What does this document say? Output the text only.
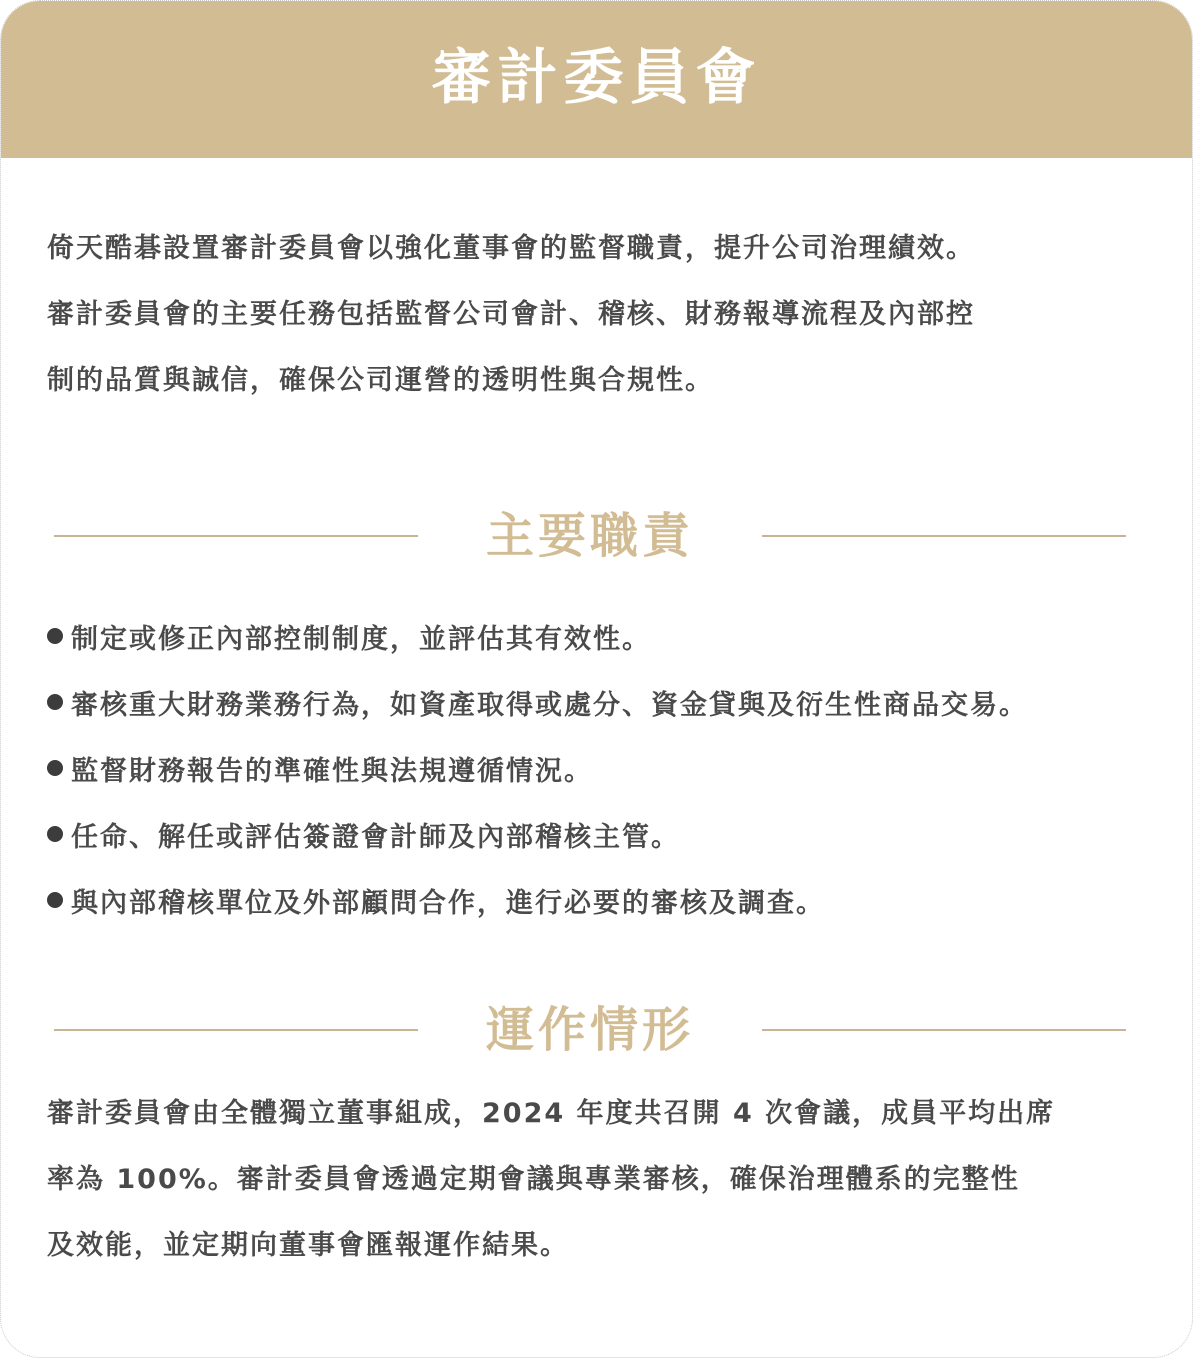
審計委員會
倚天酷碁設置審計委員會以強化董事會的監督職責，提升公司治理績效。
審計委員會的主要任務包括監督公司會計、稽核、財務報導流程及內部控
制的品質與誠信，確保公司運營的透明性與合規性。
主要職責
制定或修正內部控制制度，並評估其有效性。
審核重大財務業務行為，如資產取得或處分、資金貸與及衍生性商品交易。
監督財務報告的準確性與法規遵循情況。
任命、解任或評估簽證會計師及內部稽核主管。
與內部稽核單位及外部顧問合作，進行必要的審核及調查。
運作情形
審計委員會由全體獨立董事組成，2024 年度共召開 4 次會議，成員平均出席
率為 100%。審計委員會透過定期會議與專業審核，確保治理體系的完整性
及效能，並定期向董事會匯報運作結果。
